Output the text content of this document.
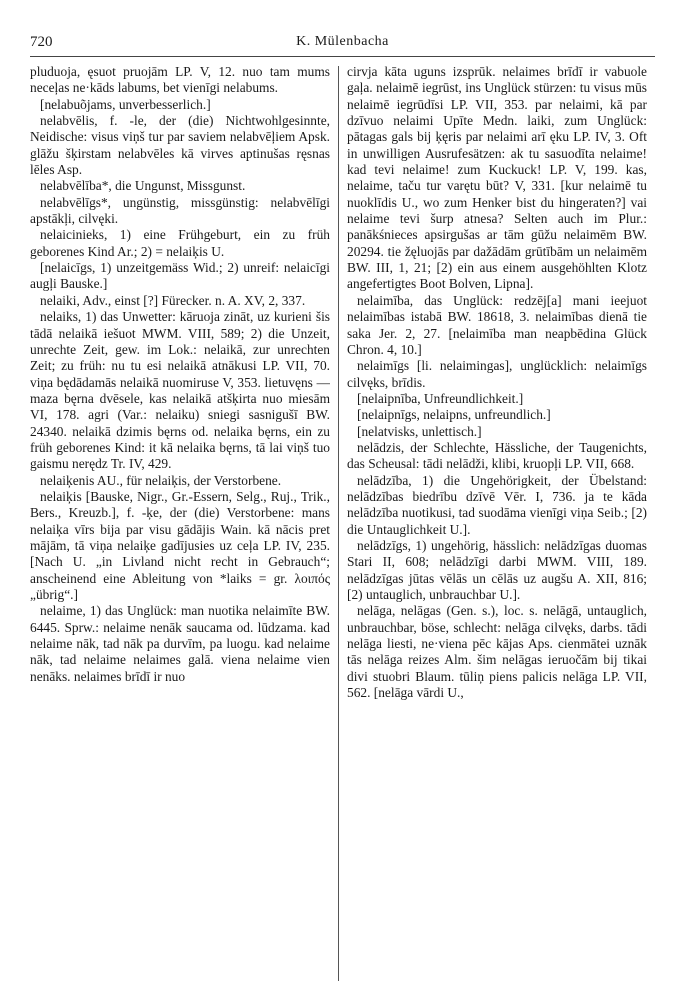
720	K. Mülenbacha

pluduoja, ęsuot pruojām LP. V, 12. nuo tam mums neceļas ne·kāds labums, bet vienīgi nelabums.

[nelabuõjams, unverbesserlich.]

nelabvēlis, f. -le, der (die) Nichtwohlgesinnte, Neidische: visus viņš tur par saviem nelabvēļiem Apsk. glāžu šķirstam nelabvēles kā virves aptinušas ręsnas lēles Asp.

nelabvēlība*, die Ungunst, Missgunst.

nelabvēlīgs*, ungünstig, missgünstig: nelabvēlīgi apstākļi, cilvęki.

nelaicinieks, 1) eine Frühgeburt, ein zu früh geborenes Kind Ar.; 2) = nelaiķis U.

[nelaicīgs, 1) unzeitgemäss Wid.; 2) unreif: nelaicīgi augļi Bauske.]

nelaiki, Adv., einst [?] Fürecker. n. A. XV, 2, 337.

nelaiks, 1) das Unwetter: kāruoja zināt, uz kurieni šis tādā nelaikā iešuot MWM. VIII, 589; 2) die Unzeit, unrechte Zeit, gew. im Lok.: nelaikā, zur unrechten Zeit; zu früh: nu tu esi nelaikā atnākusi LP. VII, 70. viņa będādamās nelaikā nuomiruse V, 353. lietuvęns — maza bęrna dvēsele, kas nelaikā atšķirta nuo miesām VI, 178. agri (Var.: nelaiku) sniegi sasnigušī BW. 24340. nelaikā dzimis bęrns od. nelaika bęrns, ein zu früh geborenes Kind: it kā nelaika bęrns, tā lai viņš tuo gaismu nerędz Tr. IV, 429.

nelaiķenis AU., für nelaiķis, der Verstorbene.

nelaiķis [Bauske, Nigr., Gr.-Essern, Selg., Ruj., Trik., Bers., Kreuzb.], f. -ķe, der (die) Verstorbene: mans nelaiķa vīrs bija par visu gādājis Wain. kā nācis pret mājām, tā viņa nelaiķe gadījusies uz ceļa LP. IV, 235. [Nach U. „in Livland nicht recht in Gebrauch“; anscheinend eine Ableitung von *laiks = gr. λοιπός „übrig“.]

nelaime, 1) das Unglück: man nuotika nelaimīte BW. 6445. Sprw.: nelaime nenāk saucama od. lūdzama. kad nelaime nāk, tad nāk pa durvīm, pa luogu. kad nelaime nāk, tad nelaime nelaimes galā. viena nelaime vien nenāks. nelaimes brīdī ir nuo

cirvja kāta uguns izsprūk. nelaimes brīdī ir vabuole gaļa. nelaimē iegrūst, ins Unglück stürzen: tu visus mūs nelaimē iegrūdīsi LP. VII, 353. par nelaimi, kā par dzīvuo nelaimi Upīte Medn. laiki, zum Unglück: pātagas gals bij ķęris par nelaimi arī ęku LP. IV, 3. Oft in unwilligen Ausrufesätzen: ak tu sasuodīta nelaime! kad tevi nelaime! zum Kuckuck! LP. V, 199. kas, nelaime, taču tur varętu būt? V, 331. [kur nelaimē tu nuoklīdis U., wo zum Henker bist du hingeraten?] vai nelaime tevi šurp atnesa? Selten auch im Plur.: panākśnieces apsirgušas ar tām gūžu nelaimēm BW. 20294. tie žęluojās par dažādām grūtībām un nelaimēm BW. III, 1, 21; [2) ein aus einem ausgehöhlten Klotz angefertigtes Boot Bolven, Lipna].

nelaimība, das Unglück: redzēj[a] mani ieejuot nelaimības istabā BW. 18618, 3. nelaimības dienā tie saka Jer. 2, 27. [nelaimība man neapbēdina Glück Chron. 4, 10.]

nelaimīgs [li. nelaimingas], unglücklich: nelaimīgs cilvęks, brīdis.

[nelaipnība, Unfreundlichkeit.]

[nelaipnīgs, nelaipns, unfreundlich.]

[nelatvisks, unlettisch.]

nelādzis, der Schlechte, Hässliche, der Taugenichts, das Scheusal: tādi nelādži, klibi, kruopļi LP. VII, 668.

nelādzība, 1) die Ungehörigkeit, der Übelstand: nelādzības biedrību dzīvē Vēr. I, 736. ja te kāda nelādzība nuotikusi, tad suodāma vienīgi viņa Seib.; [2) die Untauglichkeit U.].

nelādzīgs, 1) ungehörig, hässlich: nelādzīgas duomas Stari II, 608; nelādzīgi darbi MWM. VIII, 189. nelādzīgas jūtas vēlās un cēlās uz augšu A. XII, 816; [2) untauglich, unbrauchbar U.].

nelāga, nelāgas (Gen. s.), loc. s. nelāgā, untauglich, unbrauchbar, böse, schlecht: nelāga cilvęks, darbs. tādi nelāga liesti, ne·viena pēc kājas Aps. cienmātei uznāk tās nelāga reizes Alm. šim nelāgas ieruočām bij tikai divi stuobri Blaum. tūliņ piens palicis nelāga LP. VII, 562. [nelāga vārdi U.,
